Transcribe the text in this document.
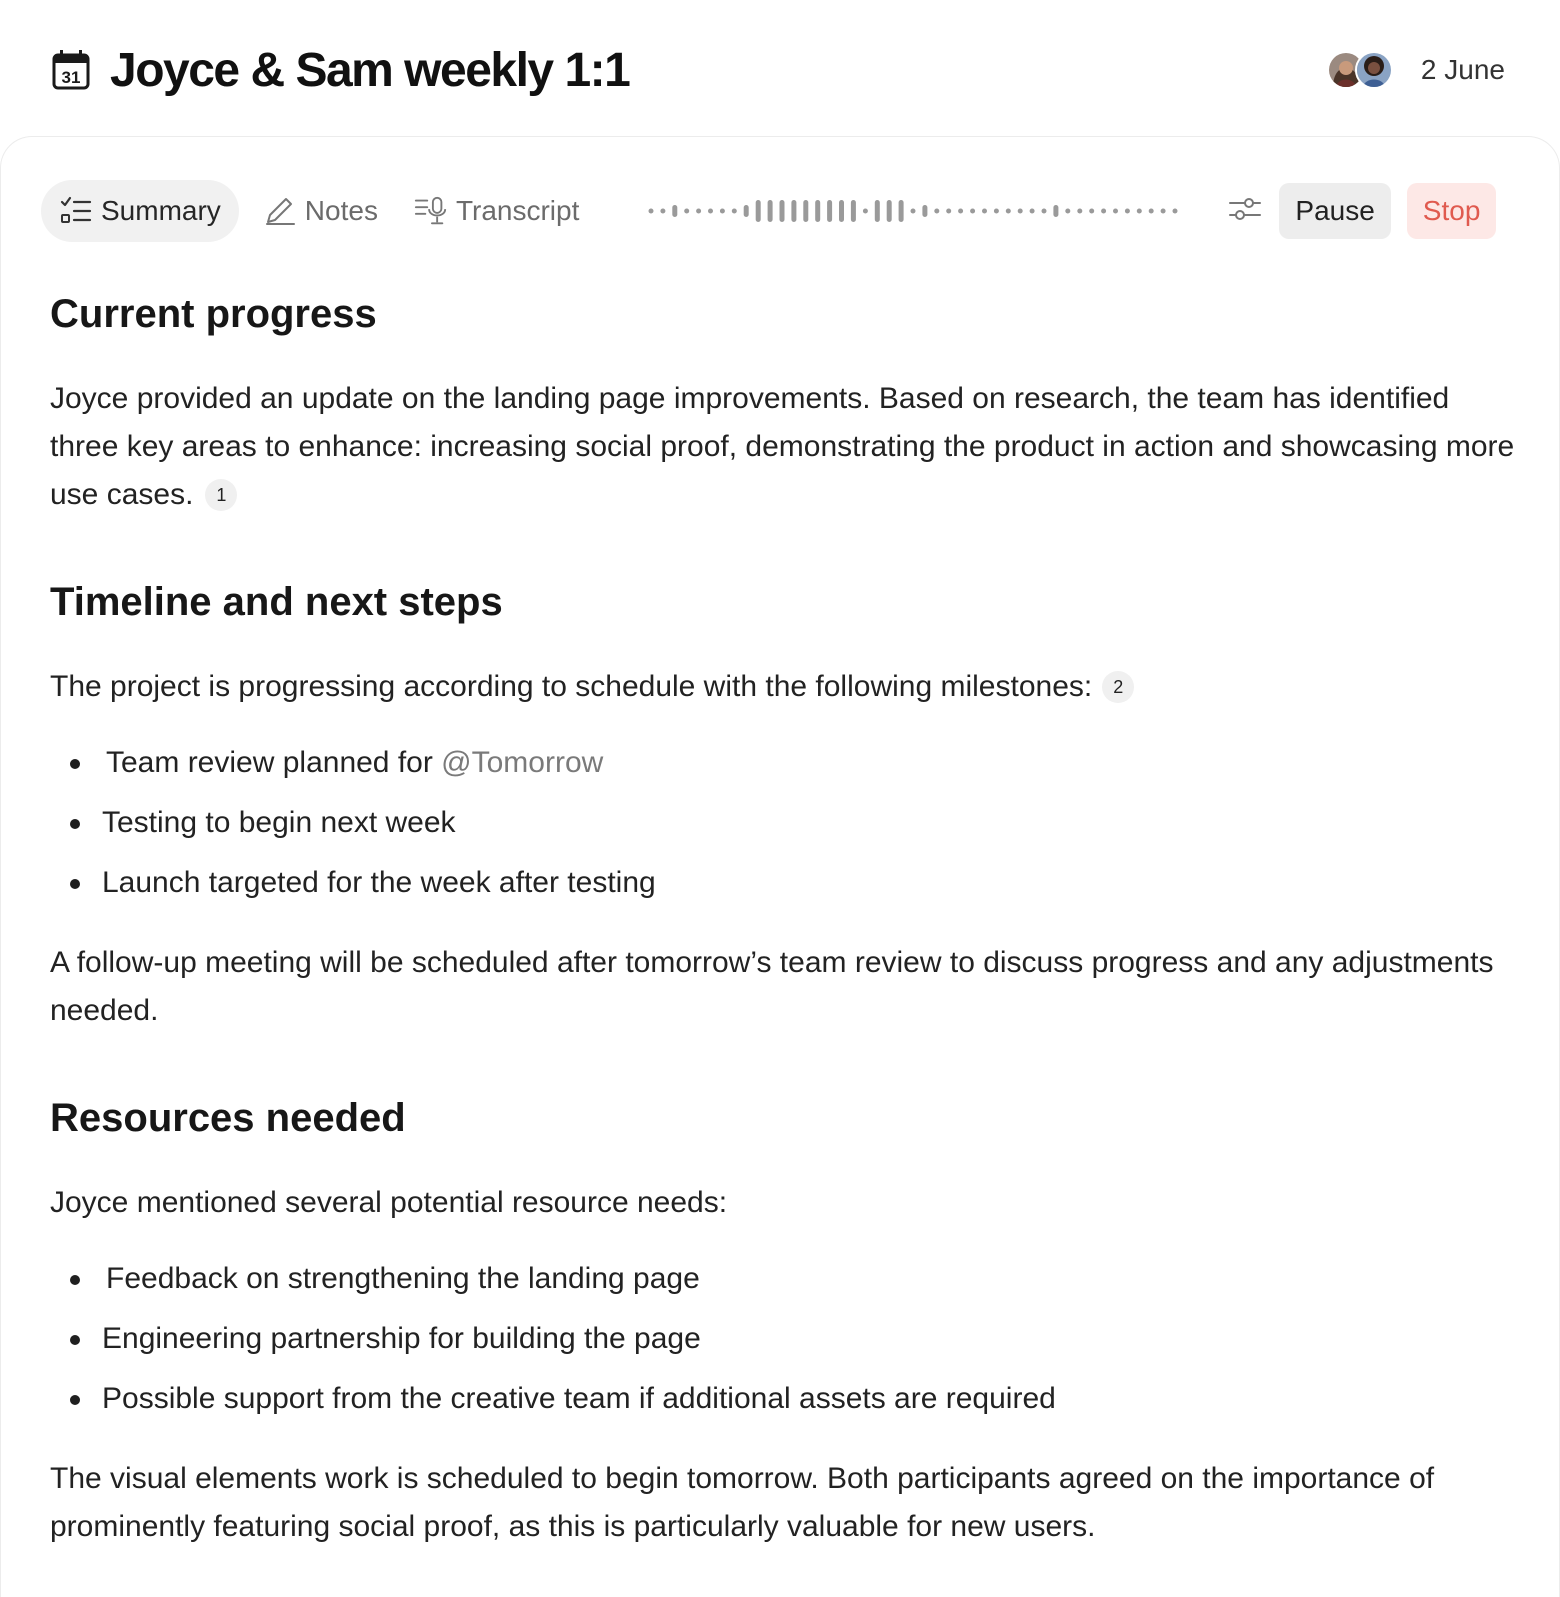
31 Joyce & Sam weekly 1:1	2 June
Summary	Notes	Transcript	Pause	Stop
Current progress

Joyce provided an update on the landing page improvements. Based on research, the team has identified three key areas to enhance: increasing social proof, demonstrating the product in action and showcasing more use cases. 1

Timeline and next steps

The project is progressing according to schedule with the following milestones: 2

Team review planned for @Tomorrow
Testing to begin next week
Launch targeted for the week after testing

A follow-up meeting will be scheduled after tomorrow’s team review to discuss progress and any adjustments needed.

Resources needed

Joyce mentioned several potential resource needs:

Feedback on strengthening the landing page
Engineering partnership for building the page
Possible support from the creative team if additional assets are required

The visual elements work is scheduled to begin tomorrow. Both participants agreed on the importance of prominently featuring social proof, as this is particularly valuable for new users.
